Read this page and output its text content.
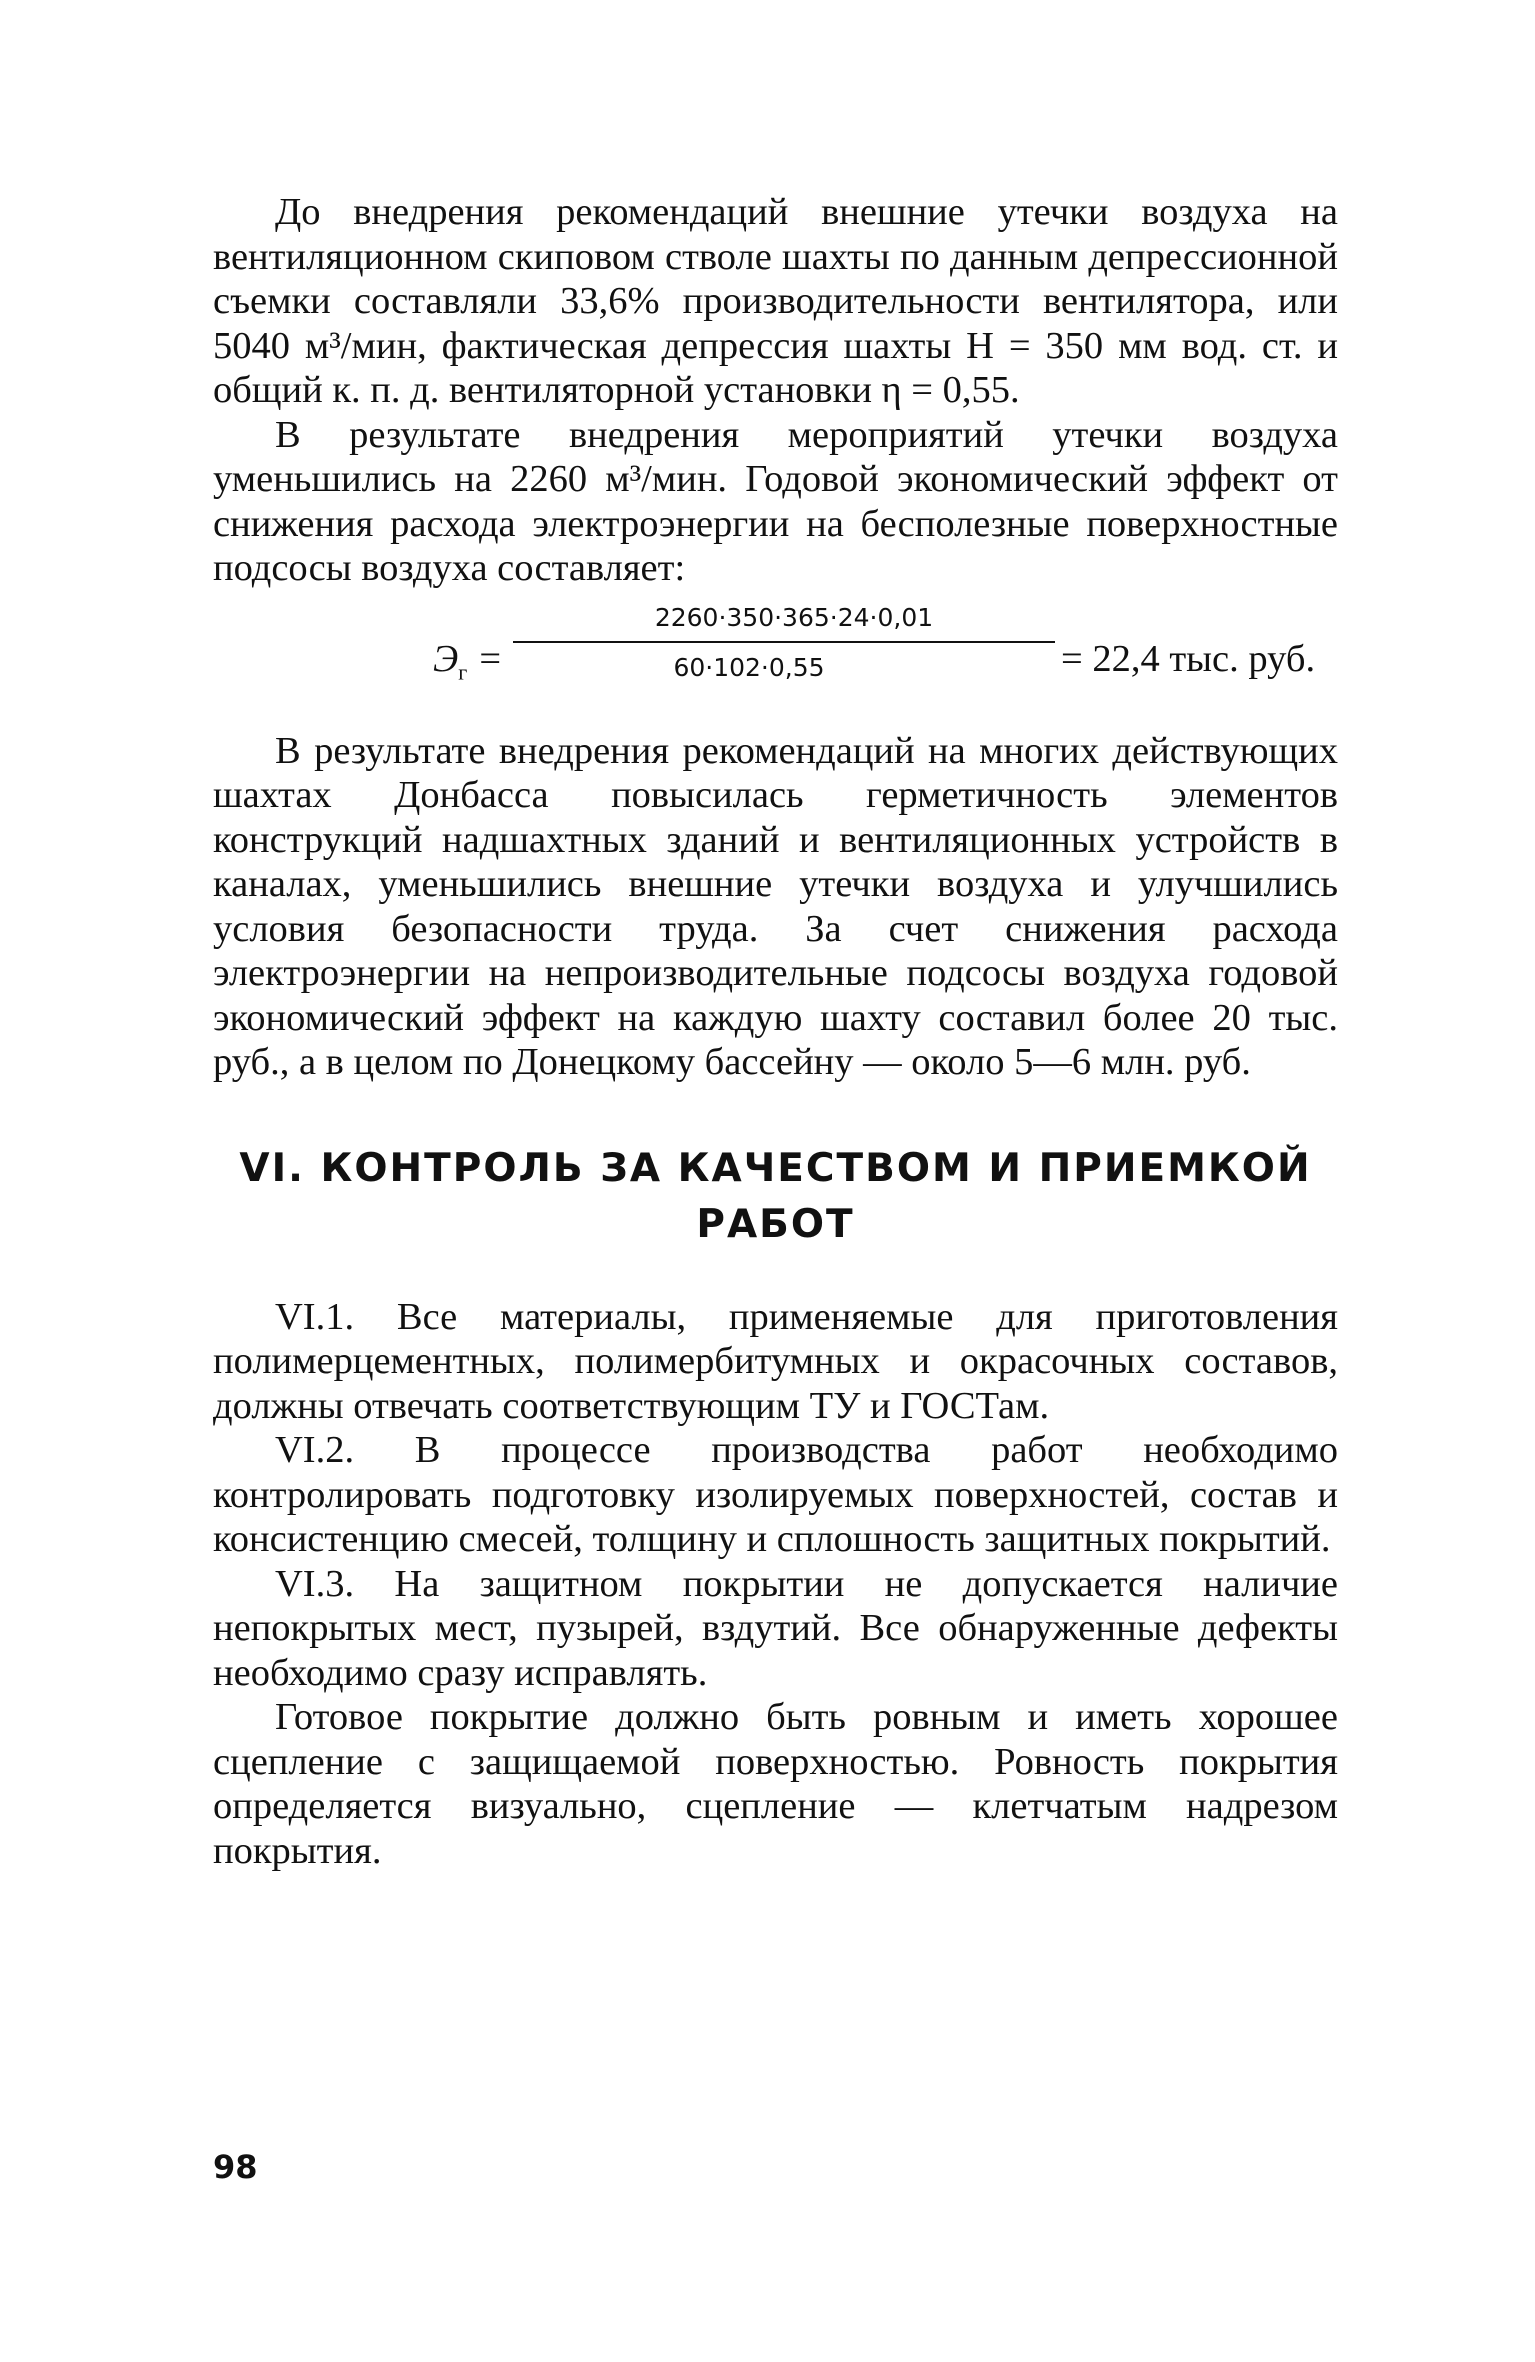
До внедрения рекомендаций внешние утечки воздуха на вентиляционном скиповом стволе шахты по данным депрессионной съемки составляли 33,6% производительности вентилятора, или 5040 м³/мин, фактическая депрессия шахты H = 350 мм вод. ст. и общий к. п. д. вентиляторной установки η = 0,55.

В результате внедрения мероприятий утечки воздуха уменьшились на 2260 м³/мин. Годовой экономический эффект от снижения расхода электроэнергии на бесполезные поверхностные подсосы воздуха составляет:

$Э_г$ =
2260·350·365·24·0,01
60·102·0,55	= 22,4 тыс. руб.

В результате внедрения рекомендаций на многих действующих шахтах Донбасса повысилась герметичность элементов конструкций надшахтных зданий и вентиляционных устройств в каналах, уменьшились внешние утечки воздуха и улучшились условия безопасности труда. За счет снижения расхода электроэнергии на непроизводительные подсосы воздуха годовой экономический эффект на каждую шахту составил более 20 тыс. руб., а в целом по Донецкому бассейну — около 5—6 млн. руб.

VI. КОНТРОЛЬ ЗА КАЧЕСТВОМ И ПРИЕМКОЙ РАБОТ

VI.1. Все материалы, применяемые для приготовления полимерцементных, полимербитумных и окрасочных составов, должны отвечать соответствующим ТУ и ГОСТам.

VI.2. В процессе производства работ необходимо контролировать подготовку изолируемых поверхностей, состав и консистенцию смесей, толщину и сплошность защитных покрытий.

VI.3. На защитном покрытии не допускается наличие непокрытых мест, пузырей, вздутий. Все обнаруженные дефекты необходимо сразу исправлять.

Готовое покрытие должно быть ровным и иметь хорошее сцепление с защищаемой поверхностью. Ровность покрытия определяется визуально, сцепление — клетчатым надрезом покрытия.

98
